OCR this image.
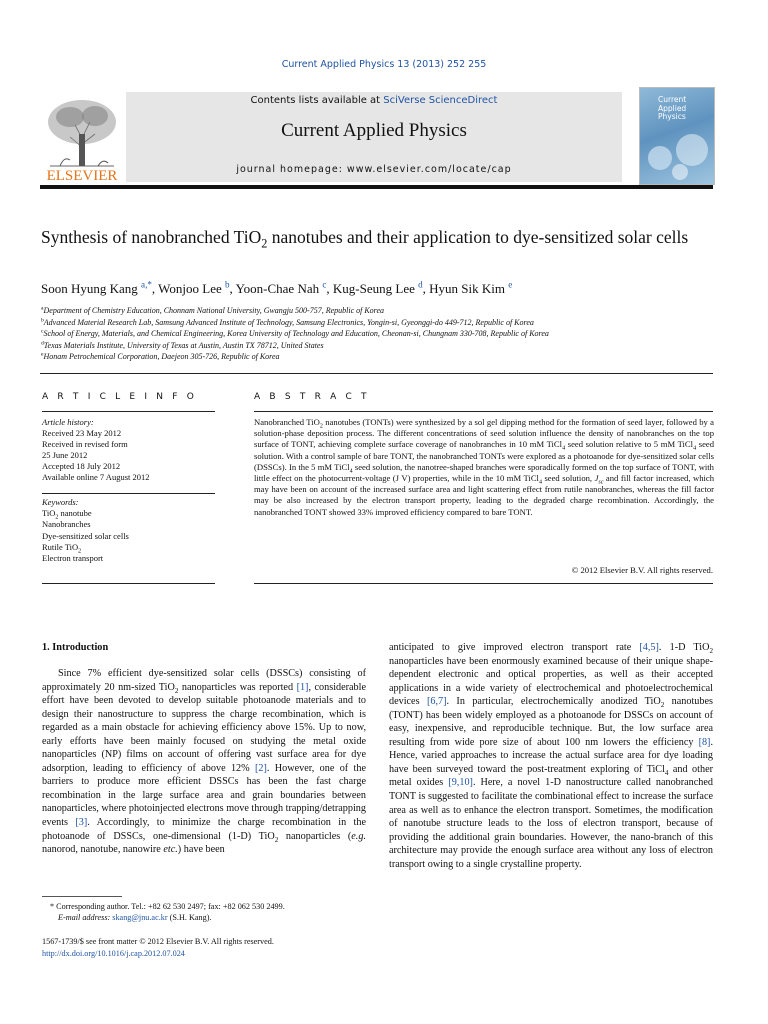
Current Applied Physics 13 (2013) 252 255
ELSEVIER
Contents lists available at SciVerse ScienceDirect
Current Applied Physics
journal homepage: www.elsevier.com/locate/cap
Current
Applied
Physics
Synthesis of nanobranched TiO$_2$ nanotubes and their application to dye-sensitized solar cells
Soon Hyung Kang $^{a,*}$, Wonjoo Lee $^b$, Yoon-Chae Nah $^c$, Kug-Seung Lee $^d$, Hyun Sik Kim $^e$
$^a$Department of Chemistry Education, Chonnam National University, Gwangju 500-757, Republic of Korea
$^b$Advanced Material Research Lab, Samsung Advanced Institute of Technology, Samsung Electronics, Yongin-si, Gyeonggi-do 449-712, Republic of Korea
$^c$School of Energy, Materials, and Chemical Engineering, Korea University of Technology and Education, Cheonan-si, Chungnam 330-708, Republic of Korea
$^d$Texas Materials Institute, University of Texas at Austin, Austin TX 78712, United States
$^e$Honam Petrochemical Corporation, Daejeon 305-726, Republic of Korea
A R T I C L E I N F O
Article history:
Received 23 May 2012
Received in revised form
25 June 2012
Accepted 18 July 2012
Available online 7 August 2012
Keywords:
TiO$_2$ nanotube
Nanobranches
Dye-sensitized solar cells
Rutile TiO$_2$
Electron transport
A B S T R A C T
Nanobranched TiO$_2$ nanotubes (TONTs) were synthesized by a sol gel dipping method for the formation of seed layer, followed by a solution-phase deposition process. The different concentrations of seed solution influence the density of nanobranches on the top surface of TONT, achieving complete surface coverage of nanobranches in 10 mM TiCl$_4$ seed solution relative to 5 mM TiCl$_4$ seed solution. With a control sample of bare TONT, the nanobranched TONTs were explored as a photoanode for dye-sensitized solar cells (DSSCs). In the 5 mM TiCl$_4$ seed solution, the nanotree-shaped branches were sporadically formed on the top surface of TONT, with little effect on the photocurrent-voltage (J V) properties, while in the 10 mM TiCl$_4$ seed solution, $J_{sc}$ and fill factor increased, which may have been on account of the increased surface area and light scattering effect from rutile nanobranches, whereas the fill factor may be also increased by the electron transport property, leading to the degraded charge recombination. Accordingly, the nanobranched TONT showed 33% improved efficiency compared to bare TONT.
© 2012 Elsevier B.V. All rights reserved.
1. Introduction
Since 7% efficient dye-sensitized solar cells (DSSCs) consisting of approximately 20 nm-sized TiO$_2$ nanoparticles was reported [1], considerable effort have been devoted to develop suitable photoanode materials and to design their nanostructure to suppress the charge recombination, which is regarded as a main obstacle for achieving efficiency above 15%. Up to now, early efforts have been mainly focused on studying the metal oxide nanoparticles (NP) films on account of offering vast surface area for dye adsorption, leading to efficiency of above 12% [2]. However, one of the barriers to produce more efficient DSSCs has been the fast charge recombination in the large surface area and grain boundaries between nanoparticles, where photoinjected electrons move through trapping/detrapping events [3]. Accordingly, to minimize the charge recombination in the photoanode of DSSCs, one-dimensional (1-D) TiO$_2$ nanoparticles (e.g. nanorod, nanotube, nanowire etc.) have been
anticipated to give improved electron transport rate [4,5]. 1-D TiO$_2$ nanoparticles have been enormously examined because of their unique shape-dependent electronic and optical properties, as well as their accepted applications in a wide variety of electrochemical and photoelectrochemical devices [6,7]. In particular, electrochemically anodized TiO$_2$ nanotubes (TONT) has been widely employed as a photoanode for DSSCs on account of easy, inexpensive, and reproducible technique. But, the low surface area resulting from wide pore size of about 100 nm lowers the efficiency [8]. Hence, varied approaches to increase the actual surface area for dye loading have been surveyed toward the post-treatment exploring of TiCl$_4$ and other metal oxides [9,10]. Here, a novel 1-D nanostructure called nanobranched TONT is suggested to facilitate the combinational effect to increase the surface area as well as to enhance the electron transport. Sometimes, the modification of nanotube structure leads to the loss of electron transport, because of providing the additional grain boundaries. However, the nano-branch of this architecture may provide the enough surface area without any loss of electron transport owing to a single crystalline property.
* Corresponding author. Tel.: +82 62 530 2497; fax: +82 062 530 2499.
E-mail address: skang@jnu.ac.kr (S.H. Kang).
1567-1739/$ see front matter © 2012 Elsevier B.V. All rights reserved.
http://dx.doi.org/10.1016/j.cap.2012.07.024
